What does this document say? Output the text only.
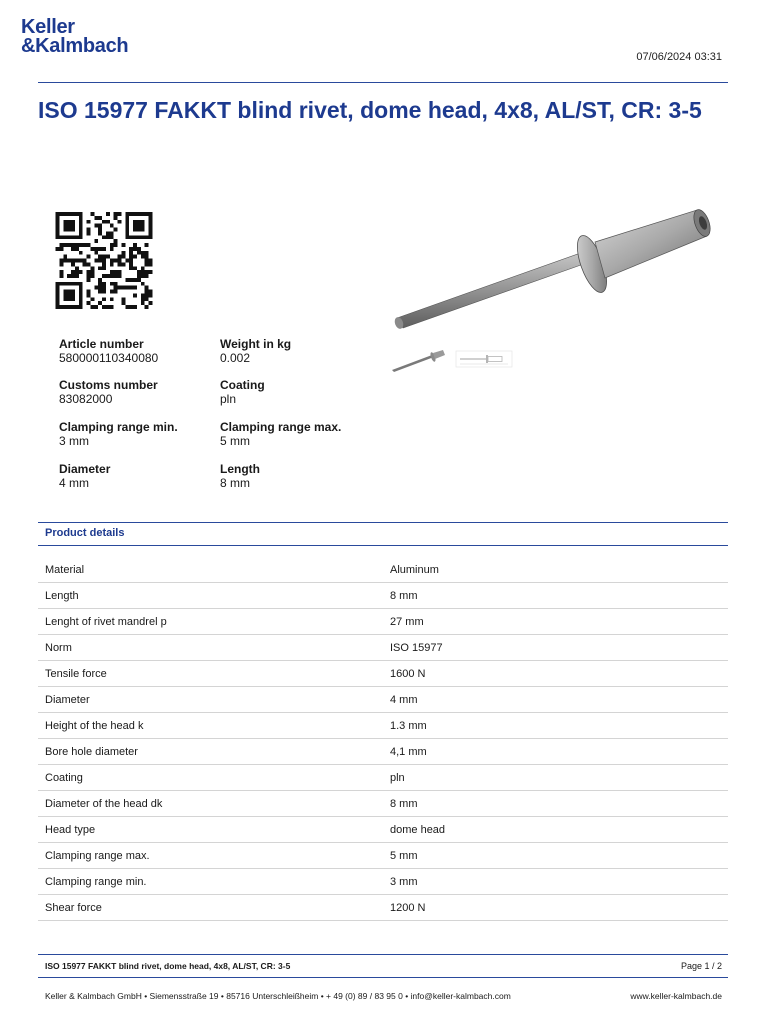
Keller
&Kalmbach	07/06/2024 03:31
ISO 15977 FAKKT blind rivet, dome head, 4x8, AL/ST, CR: 3-5
Article number
580000110340080
Weight in kg
0.002
Customs number
83082000
Coating
pln
Clamping range min.
3 mm
Clamping range max.
5 mm
Diameter
4 mm
Length
8 mm
Product details
Material	Aluminum
Length	8 mm
Lenght of rivet mandrel p	27 mm
Norm	ISO 15977
Tensile force	1600 N
Diameter	4 mm
Height of the head k	1.3 mm
Bore hole diameter	4,1 mm
Coating	pln
Diameter of the head dk	8 mm
Head type	dome head
Clamping range max.	5 mm
Clamping range min.	3 mm
Shear force	1200 N
ISO 15977 FAKKT blind rivet, dome head, 4x8, AL/ST, CR: 3-5	Page 1 / 2
Keller & Kalmbach GmbH • Siemensstraße 19 • 85716 Unterschleißheim • + 49 (0) 89 / 83 95 0 • info@keller-kalmbach.com	www.keller-kalmbach.de
